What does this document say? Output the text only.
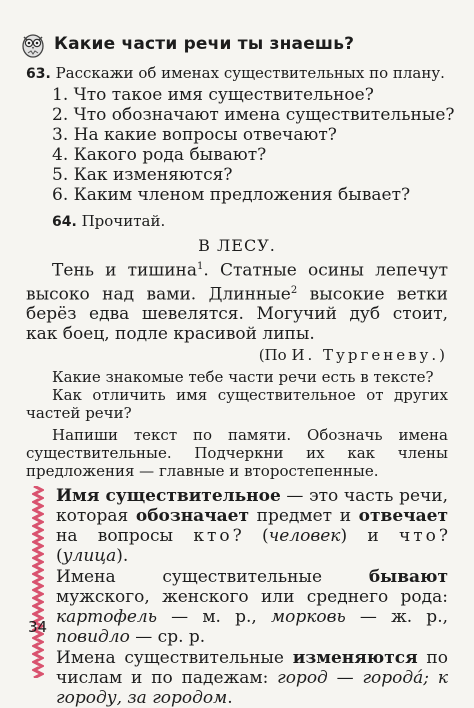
Какие части речи ты знаешь?
63. Расскажи об именах существительных по плану.
1. Что такое имя существительное?
2. Что обозначают имена существительные?
3. На какие вопросы отвечают?
4. Какого рода бывают?
5. Как изменяются?
6. Каким членом предложения бывает?
64. Прочитай.
В ЛЕСУ.

Тень и тишина$^1$. Статные осины лепечут высоко над вами. Длинные$^2$ высокие ветки берёз едва шевелятся. Могучий дуб стоит, как боец, подле красивой липы.

(По И. Тургеневу.)
Какие знакомые тебе части речи есть в тексте?
Как отличить имя существительное от других частей речи?
Напиши текст по памяти. Обозначь имена существительные. Подчеркни их как члены предложения — главные и второстепенные.

Имя существительное — это часть речи, которая обозначает предмет и отвечает на вопросы кто? (человек) и что? (улица).

Имена существительные бывают мужского, женского или среднего рода: картофель — м. р., морковь — ж. р., повидло — ср. р.

Имена существительные изменяются по числам и по падежам: город — городá; к городу, за городом.

34
